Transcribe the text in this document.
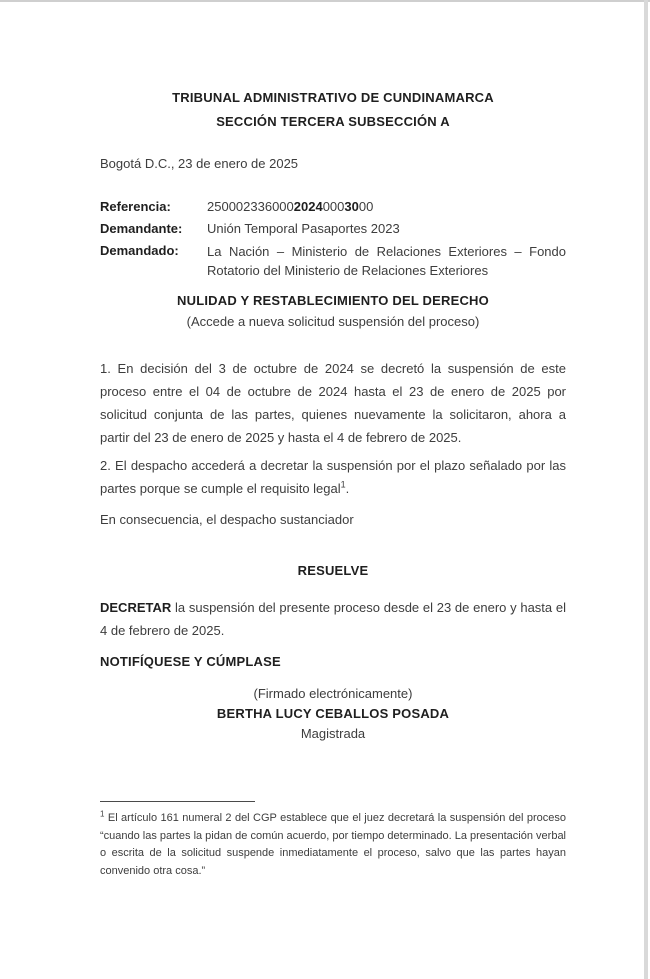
TRIBUNAL ADMINISTRATIVO DE CUNDINAMARCA
SECCIÓN TERCERA SUBSECCIÓN A
Bogotá D.C., 23 de enero de 2025
Referencia:	25000233600020240003000
Demandante:	Unión Temporal Pasaportes 2023
Demandado:	La Nación – Ministerio de Relaciones Exteriores – Fondo Rotatorio del Ministerio de Relaciones Exteriores
NULIDAD Y RESTABLECIMIENTO DEL DERECHO
(Accede a nueva solicitud suspensión del proceso)
1. En decisión del 3 de octubre de 2024 se decretó la suspensión de este proceso entre el 04 de octubre de 2024 hasta el 23 de enero de 2025 por solicitud conjunta de las partes, quienes nuevamente la solicitaron, ahora a partir del 23 de enero de 2025 y hasta el 4 de febrero de 2025.
2. El despacho accederá a decretar la suspensión por el plazo señalado por las partes porque se cumple el requisito legal$^1$.
En consecuencia, el despacho sustanciador
RESUELVE
DECRETAR la suspensión del presente proceso desde el 23 de enero y hasta el 4 de febrero de 2025.
NOTIFÍQUESE Y CÚMPLASE
(Firmado electrónicamente)
BERTHA LUCY CEBALLOS POSADA
Magistrada
$^1$ El artículo 161 numeral 2 del CGP establece que el juez decretará la suspensión del proceso “cuando las partes la pidan de común acuerdo, por tiempo determinado. La presentación verbal o escrita de la solicitud suspende inmediatamente el proceso, salvo que las partes hayan convenido otra cosa.”
